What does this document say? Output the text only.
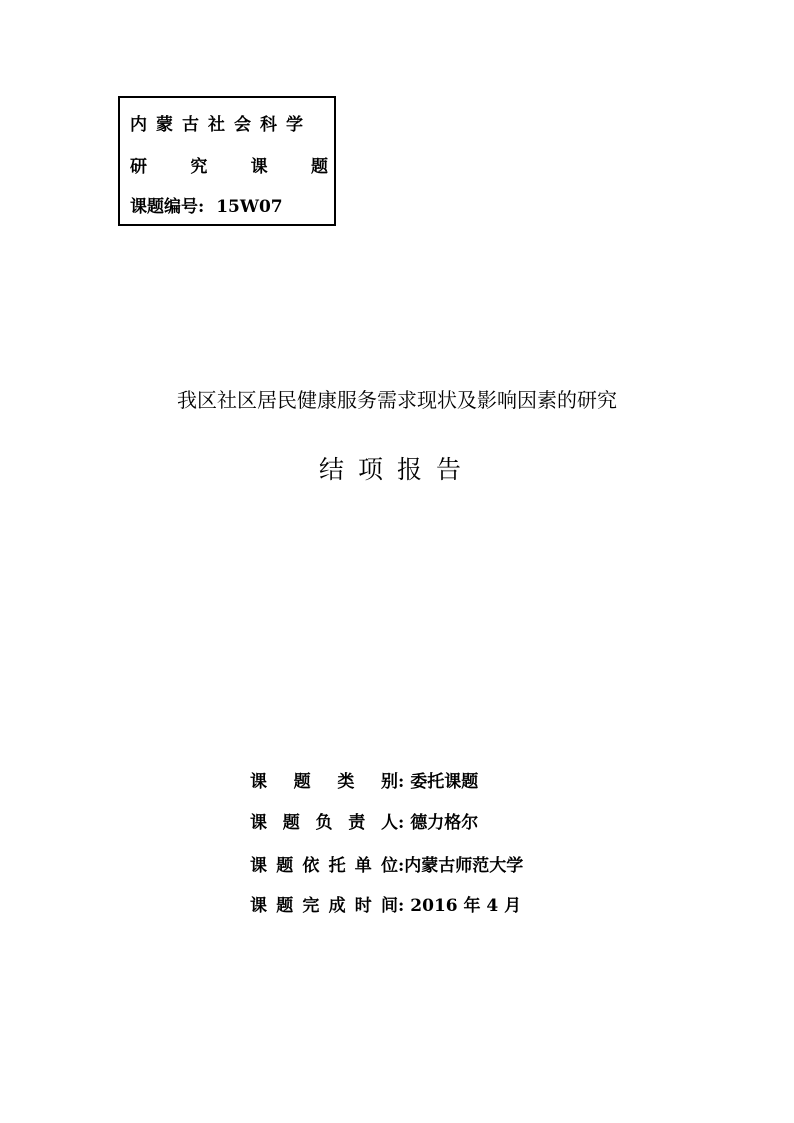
内蒙古社会科学
研	究	课	题
课题编号: 15W07
我区社区居民健康服务需求现状及影响因素的研究
结项报告
课 题 类 别 : 委托课题
课 题 负 责 人 : 德力格尔
课 题 依 托 单 位 : 内蒙古师范大学
课 题 完 成 时 间 : 2016 年 4 月
